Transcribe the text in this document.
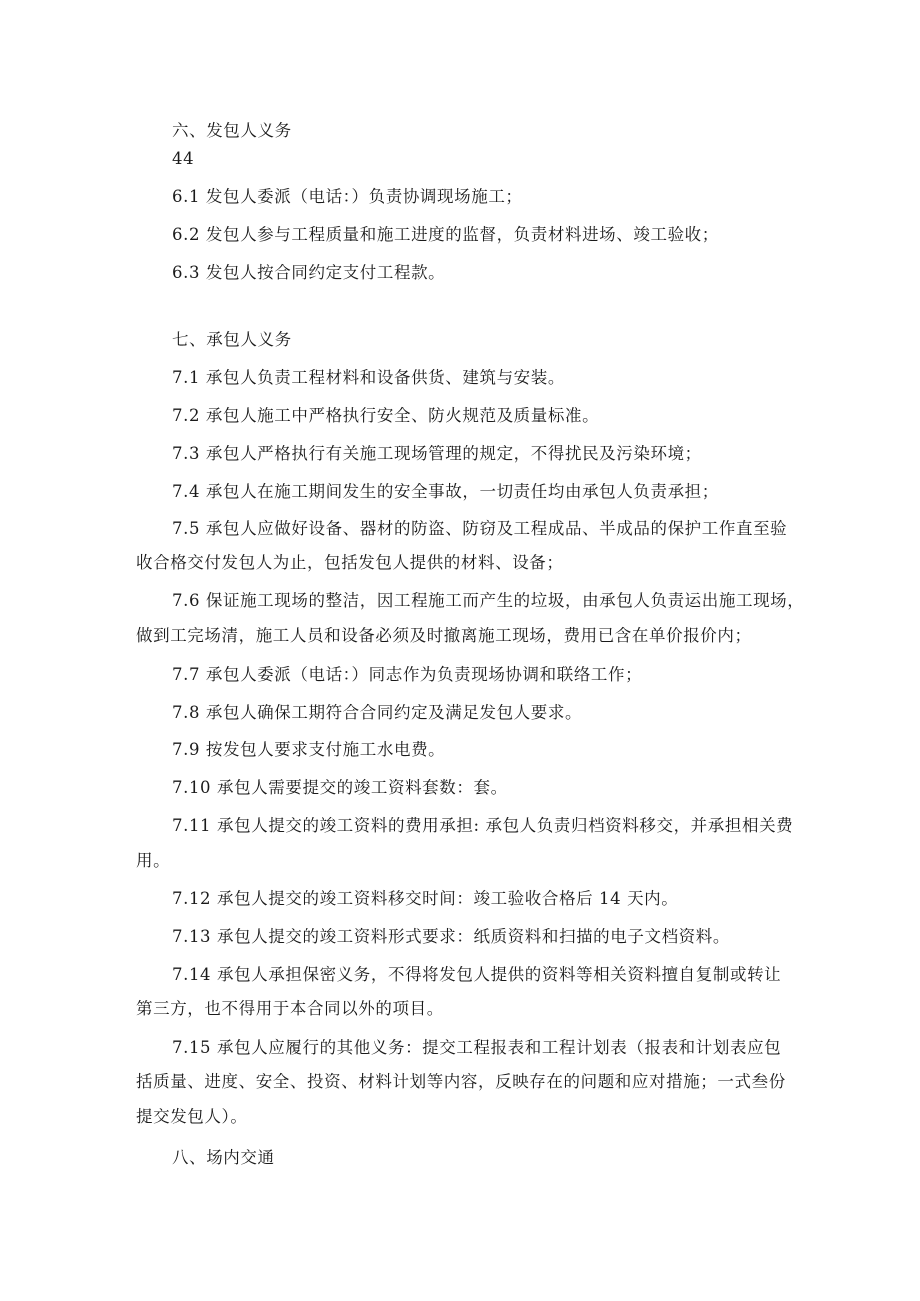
六、发包人义务
44
6.1 发包人委派（电话：）负责协调现场施工；
6.2 发包人参与工程质量和施工进度的监督，负责材料进场、竣工验收；
6.3 发包人按合同约定支付工程款。
七、承包人义务
7.1 承包人负责工程材料和设备供货、建筑与安装。
7.2 承包人施工中严格执行安全、防火规范及质量标准。
7.3 承包人严格执行有关施工现场管理的规定，不得扰民及污染环境；
7.4 承包人在施工期间发生的安全事故，一切责任均由承包人负责承担；
7.5 承包人应做好设备、器材的防盗、防窃及工程成品、半成品的保护工作直至验
收合格交付发包人为止，包括发包人提供的材料、设备；
7.6 保证施工现场的整洁，因工程施工而产生的垃圾，由承包人负责运出施工现场，
做到工完场清，施工人员和设备必须及时撤离施工现场，费用已含在单价报价内；
7.7 承包人委派（电话：）同志作为负责现场协调和联络工作；
7.8 承包人确保工期符合合同约定及满足发包人要求。
7.9 按发包人要求支付施工水电费。
7.10 承包人需要提交的竣工资料套数：套。
7.11 承包人提交的竣工资料的费用承担: 承包人负责归档资料移交，并承担相关费
用。
7.12 承包人提交的竣工资料移交时间：竣工验收合格后 14 天内。
7.13 承包人提交的竣工资料形式要求：纸质资料和扫描的电子文档资料。
7.14 承包人承担保密义务，不得将发包人提供的资料等相关资料擅自复制或转让
第三方，也不得用于本合同以外的项目。
7.15 承包人应履行的其他义务：提交工程报表和工程计划表（报表和计划表应包
括质量、进度、安全、投资、材料计划等内容，反映存在的问题和应对措施；一式叁份
提交发包人）。
八、场内交通
